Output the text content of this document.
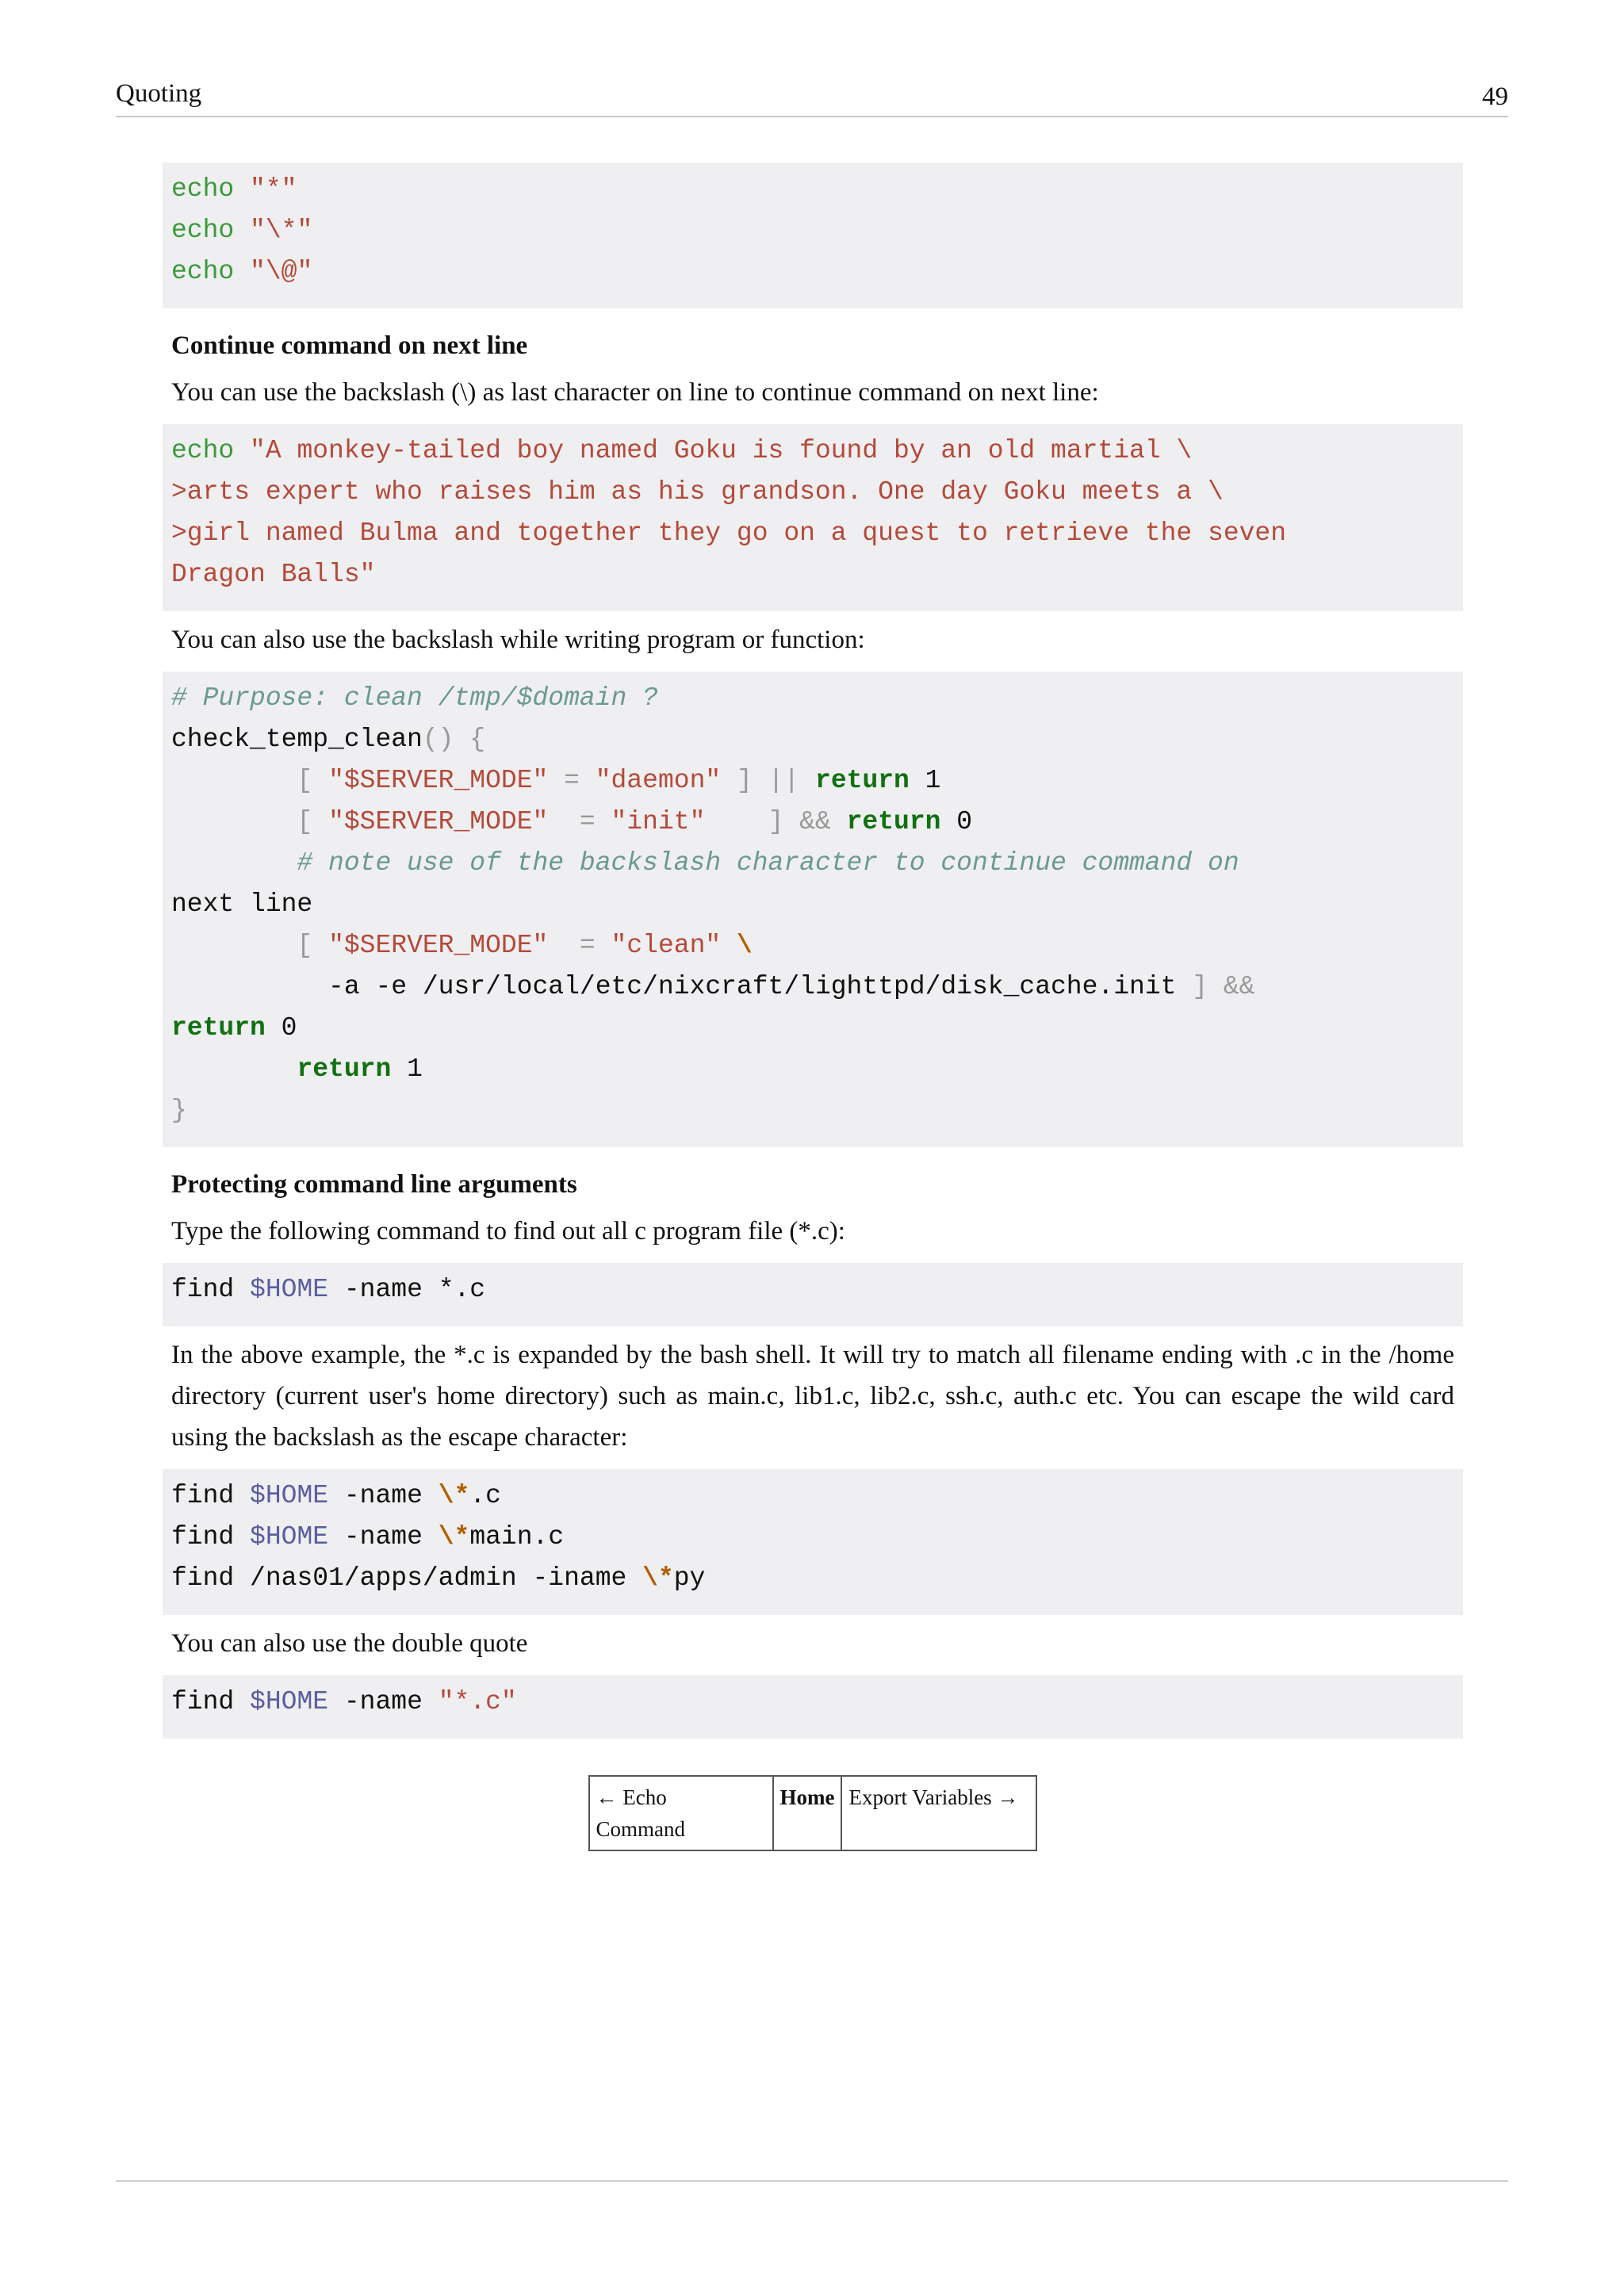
Quoting	49
echo "*"
echo "\*"
echo "\@"
Continue command on next line
You can use the backslash (\) as last character on line to continue command on next line:
echo "A monkey-tailed boy named Goku is found by an old martial \
>arts expert who raises him as his grandson. One day Goku meets a \
>girl named Bulma and together they go on a quest to retrieve the seven
Dragon Balls"
You can also use the backslash while writing program or function:
# Purpose: clean /tmp/$domain ?
check_temp_clean() {
[ "$SERVER_MODE" = "daemon" ] || return 1
[ "$SERVER_MODE" = "init" ] && return 0
# note use of the backslash character to continue command on
next line
[ "$SERVER_MODE" = "clean" \
-a -e /usr/local/etc/nixcraft/lighttpd/disk_cache.init ] &&
return 0
return 1
}
Protecting command line arguments
Type the following command to find out all c program file (*.c):
find $HOME -name *.c
In the above example, the *.c is expanded by the bash shell. It will try to match all filename ending with .c in the /home directory (current user's home directory) such as main.c, lib1.c, lib2.c, ssh.c, auth.c etc. You can escape the wild card using the backslash as the escape character:
find $HOME -name \*.c
find $HOME -name \*main.c
find /nas01/apps/admin -iname \*py
You can also use the double quote
find $HOME -name "*.c"
← Echo
Command	Home	Export Variables →
